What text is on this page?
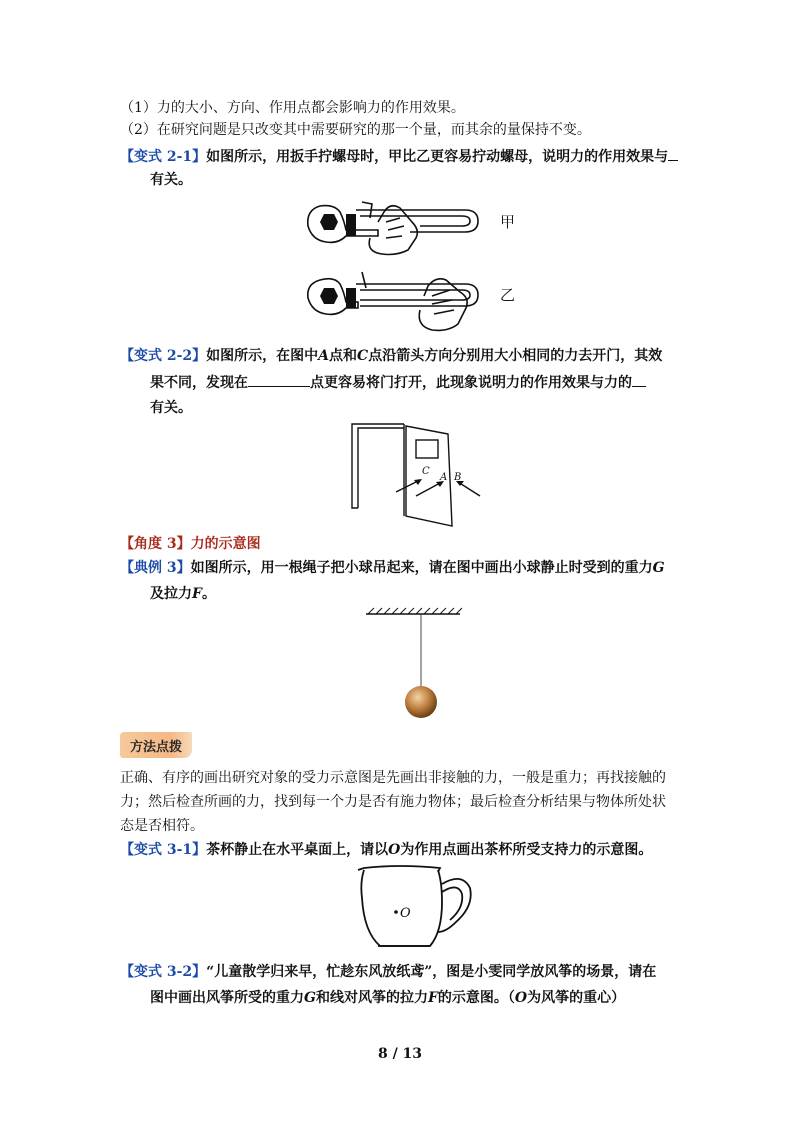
（1）力的大小、方向、作用点都会影响力的作用效果。
（2）在研究问题是只改变其中需要研究的那一个量，而其余的量保持不变。
【变式 2-1】如图所示，用扳手拧螺母时，甲比乙更容易拧动螺母，说明力的作用效果与
有关。
甲
乙
【变式 2-2】如图所示，在图中A点和C点沿箭头方向分别用大小相同的力去开门，其效
果不同，发现在	点更容易将门打开，此现象说明力的作用效果与力的
有关。
C
A B
【角度 3】力的示意图
【典例 3】如图所示，用一根绳子把小球吊起来，请在图中画出小球静止时受到的重力G
及拉力F。
方法点拨
正确、有序的画出研究对象的受力示意图是先画出非接触的力，一般是重力；再找接触的
力；然后检查所画的力，找到每一个力是否有施力物体；最后检查分析结果与物体所处状
态是否相符。
【变式 3-1】茶杯静止在水平桌面上，请以O为作用点画出茶杯所受支持力的示意图。
O
【变式 3-2】“儿童散学归来早，忙趁东风放纸鸢”，图是小雯同学放风筝的场景，请在
图中画出风筝所受的重力G和线对风筝的拉力F的示意图。（O为风筝的重心）
8 / 13
